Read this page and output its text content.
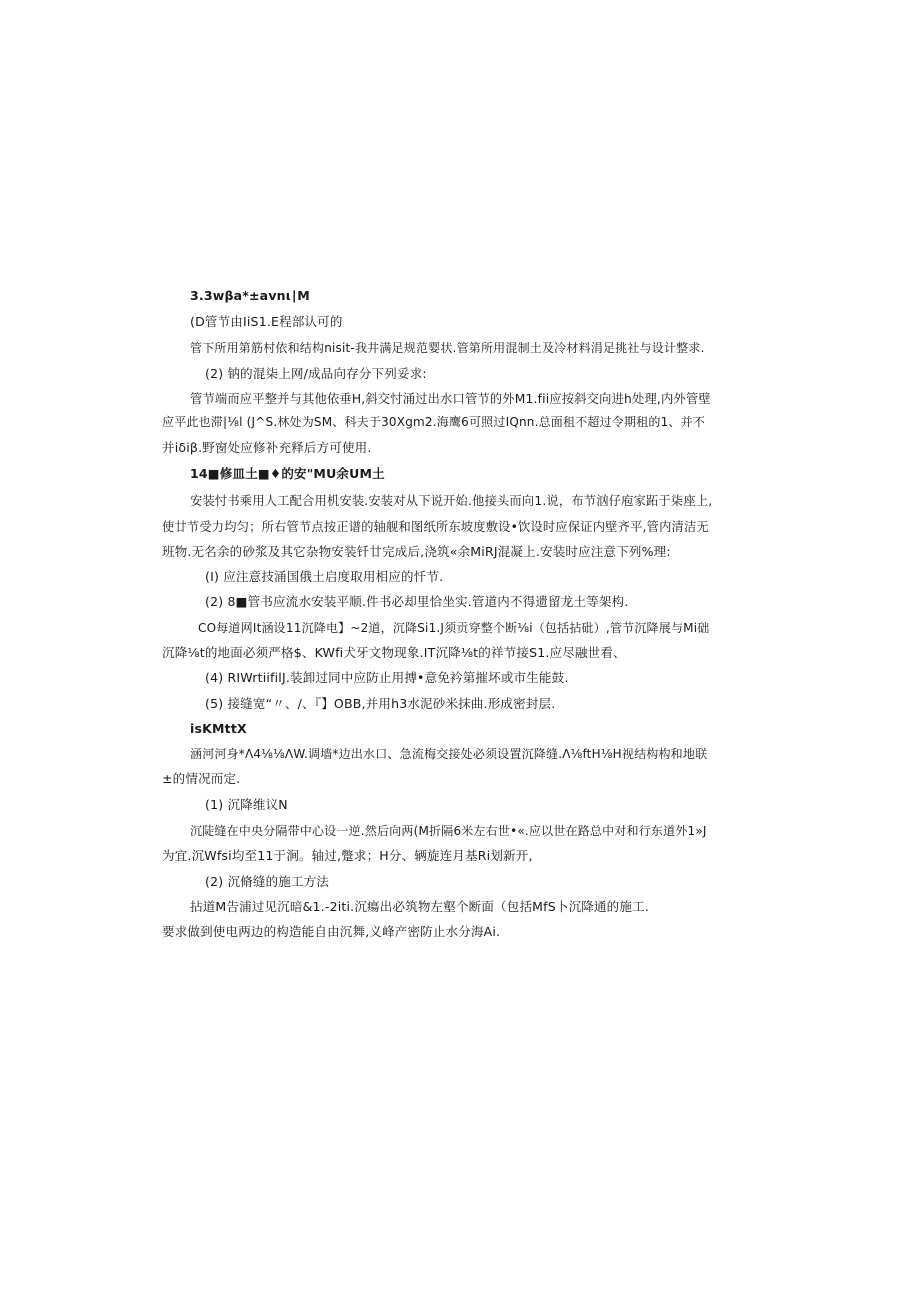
3.3wβa*±avnι∣M

(D管节由IiS1.E程部认可的

管下所用第筋村依和结构nisit-我井满足规范婴状.管第所用混制土及冷材料涓足挑社与设计整求.

(2) 钠的混柒上网/成品向存分下列妥求:

管节端而应平整并与其他依垂H,斜交忖涌过出水口管节的外M1.fii应按斜交向进h处理,内外管壁

应平此也滞|⅛l (J^S.林处为SM、科夫于30Xgm2.海鹰6可照过IQnn.总面租不超过令期租的1、并不

并iδiβ.野窗处应修补充释后方可使用.

14■修皿土■♦的安"MU余UM土

安装忖书乘用人工配合用机安装.安装对从下说开始.他接头而向1.说，布节汹仔庖家跖于柒座上,

使廿节受力均匀；所右管节点按正谱的轴舰和图纸所东坡度敷设•饮设时应保证内壁齐平,管内清洁无

班物.无名余的砂浆及其它杂物安装钎廿完成后,浇筑«余MiRJ混凝上.安装时应注意下列%理:

(I) 应注意技涌国俄土启度取用相应的忏节.

(2) 8■管书应流水安装平顺.件书必却里恰坐实.管道内不得遗留龙土等架构.

CO每道网It涵设11沉降电】~2道，沉降Si1.J须贡穿整个断⅛i（包括拈砒）,管节沉降展与Mi础

沉降⅛t的地面必须严格$、KWfi犬牙文物现象.IT沉降⅛t的祥节接S1.应尽融世看、

(4) RIWrtiifilJ.装卸过同中应防止用搏•意免衿第摧坏或市生能鼓.

(5) 接缝宽“〃、/、『】OBB,并用h3水泥砂米抹曲.形成密封层.

isKMttX

涵河河身*Λ4⅛⅛ΛW.调墙*边出水口、急流梅交接处必须设置沉降缝.Λ⅛ftH⅛H视结构构和地联

±的情况而定.

(1) 沉降维议N

沉陡缝在中央分隔带中心设一逆.然后向两(M折隔6米左右世•«.应以世在路总中对和行东道外1»J

为宜.沉Wfsi均至11于涧。轴过,蹩求；H分、辆旋连月基Ri划新开,

(2) 沉脩缝的施工方法

拈道M告浦过见沉暗&1.-2iti.沉瘍出必筑物左壑个断面（包括MfS卜沉降通的施工.

要求做到使电两边的构造能自由沉舞,义峰产密防止水分海Ai.
